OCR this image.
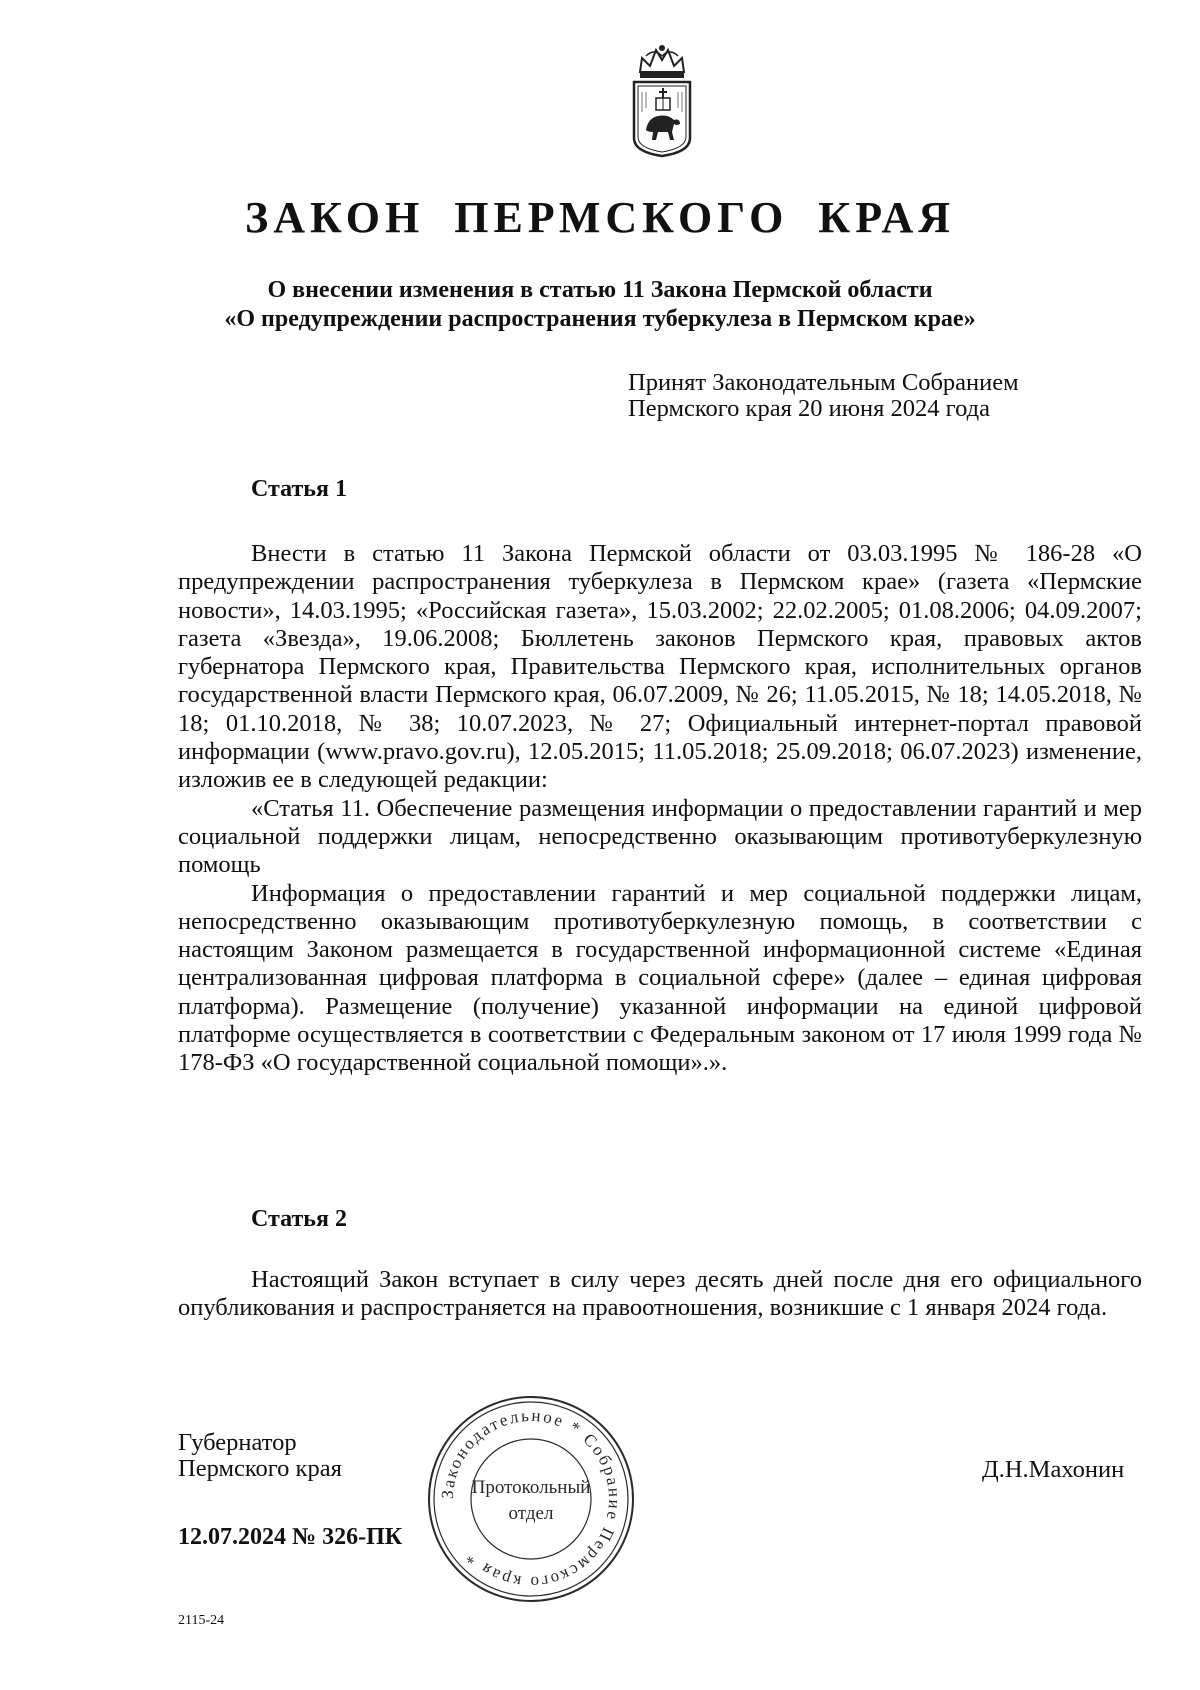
ЗАКОН ПЕРМСКОГО КРАЯ
О внесении изменения в статью 11 Закона Пермской области
«О предупреждении распространения туберкулеза в Пермском крае»
Принят Законодательным Собранием
Пермского края 20 июня 2024 года
Статья 1

Внести в статью 11 Закона Пермской области от 03.03.1995 № 186-28 «О предупреждении распространения туберкулеза в Пермском крае» (газета «Пермские новости», 14.03.1995; «Российская газета», 15.03.2002; 22.02.2005; 01.08.2006; 04.09.2007; газета «Звезда», 19.06.2008; Бюллетень законов Пермского края, правовых актов губернатора Пермского края, Правительства Пермского края, исполнительных органов государственной власти Пермского края, 06.07.2009, № 26; 11.05.2015, № 18; 14.05.2018, № 18; 01.10.2018, № 38; 10.07.2023, № 27; Официальный интернет-портал правовой информации (www.pravo.gov.ru), 12.05.2015; 11.05.2018; 25.09.2018; 06.07.2023) изменение, изложив ее в следующей редакции:

«Статья 11. Обеспечение размещения информации о предоставлении гарантий и мер социальной поддержки лицам, непосредственно оказывающим противотуберкулезную помощь

Информация о предоставлении гарантий и мер социальной поддержки лицам, непосредственно оказывающим противотуберкулезную помощь, в соответствии с настоящим Законом размещается в государственной информационной системе «Единая централизованная цифровая платформа в социальной сфере» (далее – единая цифровая платформа). Размещение (получение) указанной информации на единой цифровой платформе осуществляется в соответствии с Федеральным законом от 17 июля 1999 года № 178-ФЗ «О государственной социальной помощи».».

Статья 2

Настоящий Закон вступает в силу через десять дней после дня его официального опубликования и распространяется на правоотношения, возникшие с 1 января 2024 года.

Губернатор
Пермского края	Д.Н.Махонин
12.07.2024 № 326-ПК
2115-24
Законодательное * Собрание Пермского края *
Протокольный
отдел
